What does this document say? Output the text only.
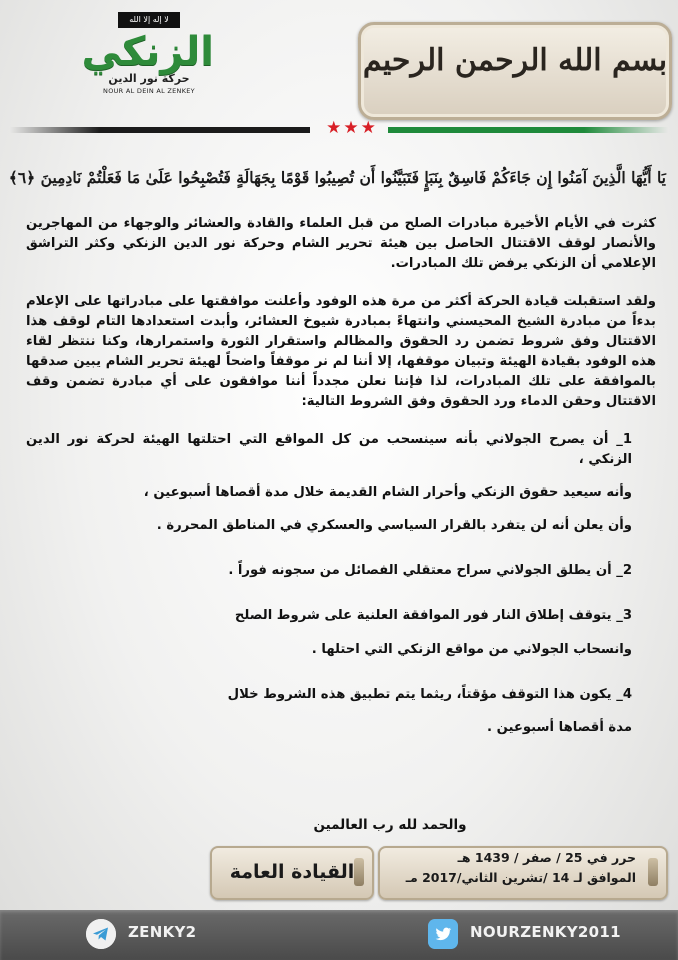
لا إله إلا الله
الزنكي
حركة نور الدين
NOUR AL DEIN AL ZENKEY
بسم الله الرحمن الرحيم
★ ★ ★
يَا أَيُّهَا الَّذِينَ آمَنُوا إِن جَاءَكُمْ فَاسِقٌ بِنَبَإٍ فَتَبَيَّنُوا أَن تُصِيبُوا قَوْمًا بِجَهَالَةٍ فَتُصْبِحُوا عَلَىٰ مَا فَعَلْتُمْ نَادِمِينَ ﴿٦﴾
كثرت في الأيام الأخيرة مبادرات الصلح من قبل العلماء والقادة والعشائر والوجهاء من المهاجرين والأنصار لوقف الاقتتال الحاصل بين هيئة تحرير الشام وحركة نور الدين الزنكي وكثر التراشق الإعلامي أن الزنكي يرفض تلك المبادرات.
ولقد استقبلت قيادة الحركة أكثر من مرة هذه الوفود وأعلنت موافقتها على مبادراتها على الإعلام بدءاً من مبادرة الشيخ المحيسني وانتهاءً بمبادرة شيوخ العشائر، وأبدت استعدادها التام لوقف هذا الاقتتال وفق شروط تضمن رد الحقوق والمظالم واستقرار الثورة واستمرارها، وكنا ننتظر لقاء هذه الوفود بقيادة الهيئة وتبيان موقفها، إلا أننا لم نر موقفاً واضحاً لهيئة تحرير الشام يبين صدقها بالموافقة على تلك المبادرات، لذا فإننا نعلن مجدداً أننا موافقون على أي مبادرة تضمن وقف الاقتتال وحقن الدماء ورد الحقوق وفق الشروط التالية:

1_ أن يصرح الجولاني بأنه سينسحب من كل المواقع التي احتلتها الهيئة لحركة نور الدين الزنكي ،

وأنه سيعيد حقوق الزنكي وأحرار الشام القديمة خلال مدة أقصاها أسبوعين ،

وأن يعلن أنه لن يتفرد بالقرار السياسي والعسكري في المناطق المحررة .

2_ أن يطلق الجولاني سراح معتقلي الفصائل من سجونه فوراً .

3_ يتوقف إطلاق النار فور الموافقة العلنية على شروط الصلح

وانسحاب الجولاني من مواقع الزنكي التي احتلها .

4_ يكون هذا التوقف مؤقتاً، ريثما يتم تطبيق هذه الشروط خلال

مدة أقصاها أسبوعين .

والحمد لله رب العالمين
القيادة العامة
حرر في 25 / صفر / 1439 هـ
الموافق لـ 14 /تشرين الثاني/2017 مـ
ZENKY2	NOURZENKY2011
